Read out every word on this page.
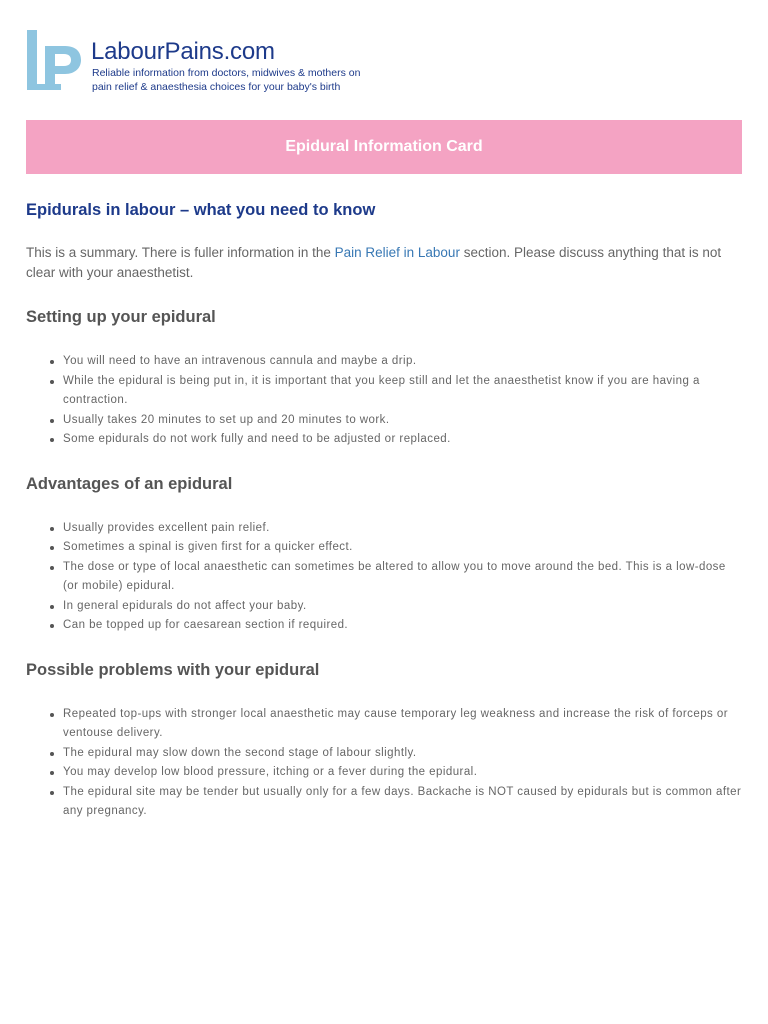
LabourPains.com
Reliable information from doctors, midwives & mothers on
pain relief & anaesthesia choices for your baby's birth
Epidural Information Card
Epidurals in labour – what you need to know

This is a summary. There is fuller information in the Pain Relief in Labour section. Please discuss anything that is not clear with your anaesthetist.

Setting up your epidural
You will need to have an intravenous cannula and maybe a drip.
While the epidural is being put in, it is important that you keep still and let the anaesthetist know if you are having a contraction.
Usually takes 20 minutes to set up and 20 minutes to work.
Some epidurals do not work fully and need to be adjusted or replaced.
Advantages of an epidural
Usually provides excellent pain relief.
Sometimes a spinal is given first for a quicker effect.
The dose or type of local anaesthetic can sometimes be altered to allow you to move around the bed. This is a low-dose (or mobile) epidural.
In general epidurals do not affect your baby.
Can be topped up for caesarean section if required.
Possible problems with your epidural
Repeated top-ups with stronger local anaesthetic may cause temporary leg weakness and increase the risk of forceps or ventouse delivery.
The epidural may slow down the second stage of labour slightly.
You may develop low blood pressure, itching or a fever during the epidural.
The epidural site may be tender but usually only for a few days. Backache is NOT caused by epidurals but is common after any pregnancy.
